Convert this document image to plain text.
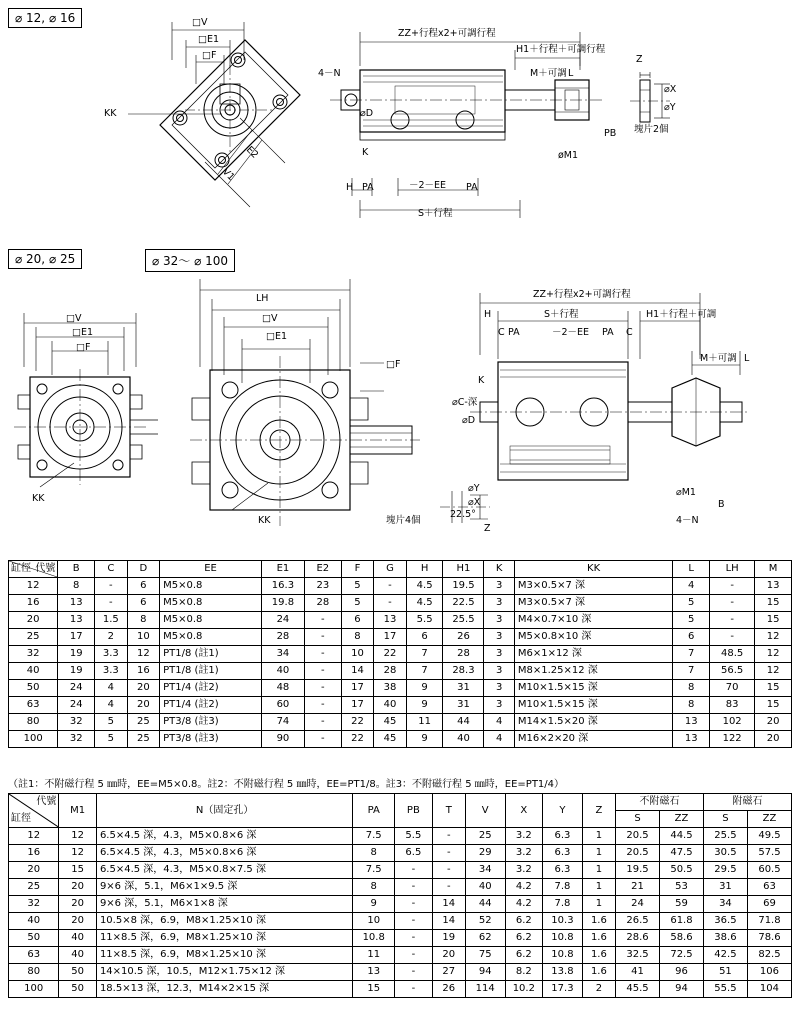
⌀ 12, ⌀ 16
⌀ 20, ⌀ 25	⌀ 32～ ⌀ 100
□V
□E1
□F
KK
E2
V1
ZZ+行程x2+可調行程
H1＋行程＋可調行程
4－N
⌀D
K
H PA	－2－EE PA
S＋行程
M＋可調 L
Z
⌀X
⌀Y
塊片2個
PB
øM1
□V
□E1
□F
KK
LH
□V
□E1
KK
□F
ZZ+行程x2+可調行程
H	S＋行程	H1＋行程＋可調
C PA	－2－EE PA C
M＋可調 L
K
⌀C-深
⌀D
⌀M1
B
4－N
塊片4個
⌀Y
⌀X
22.5°
Z
代號
缸徑	B	C	D	EE	E1	E2	F	G	H	H1	K	KK	L	LH	M
12	8	-	6	M5×0.8	16.3	23	5	-	4.5	19.5	3	M3×0.5×7 深	4	-	13
16	13	-	6	M5×0.8	19.8	28	5	-	4.5	22.5	3	M3×0.5×7 深	5	-	15
20	13	1.5	8	M5×0.8	24	-	6	13	5.5	25.5	3	M4×0.7×10 深	5	-	15
25	17	2	10	M5×0.8	28	-	8	17	6	26	3	M5×0.8×10 深	6	-	12
32	19	3.3	12	PT1/8 (註1)	34	-	10	22	7	28	3	M6×1×12 深	7	48.5	12
40	19	3.3	16	PT1/8 (註1)	40	-	14	28	7	28.3	3	M8×1.25×12 深	7	56.5	12
50	24	4	20	PT1/4 (註2)	48	-	17	38	9	31	3	M10×1.5×15 深	8	70	15
63	24	4	20	PT1/4 (註2)	60	-	17	40	9	31	3	M10×1.5×15 深	8	83	15
80	32	5	25	PT3/8 (註3)	74	-	22	45	11	44	4	M14×1.5×20 深	13	102	20
100	32	5	25	PT3/8 (註3)	90	-	22	45	9	40	4	M16×2×20 深	13	122	20
（註1：不附磁行程 5 ㎜時，EE=M5×0.8。註2：不附磁行程 5 ㎜時，EE=PT1/8。註3：不附磁行程 5 ㎜時，EE=PT1/4）
代號
缸徑	M1	N（固定孔）	PA	PB	T	V	X	Y	Z	不附磁石		附磁石	
										S	ZZ	S	ZZ
12	12	6.5×4.5 深，4.3，M5×0.8×6 深	7.5	5.5	-	25	3.2	6.3	1	20.5	44.5	25.5	49.5
16	12	6.5×4.5 深，4.3，M5×0.8×6 深	8	6.5	-	29	3.2	6.3	1	20.5	47.5	30.5	57.5
20	15	6.5×4.5 深，4.3，M5×0.8×7.5 深	7.5	-	-	34	3.2	6.3	1	19.5	50.5	29.5	60.5
25	20	9×6 深，5.1，M6×1×9.5 深	8	-	-	40	4.2	7.8	1	21	53	31	63
32	20	9×6 深，5.1，M6×1×8 深	9	-	14	44	4.2	7.8	1	24	59	34	69
40	20	10.5×8 深，6.9，M8×1.25×10 深	10	-	14	52	6.2	10.3	1.6	26.5	61.8	36.5	71.8
50	40	11×8.5 深，6.9，M8×1.25×10 深	10.8	-	19	62	6.2	10.8	1.6	28.6	58.6	38.6	78.6
63	40	11×8.5 深，6.9，M8×1.25×10 深	11	-	20	75	6.2	10.8	1.6	32.5	72.5	42.5	82.5
80	50	14×10.5 深，10.5，M12×1.75×12 深	13	-	27	94	8.2	13.8	1.6	41	96	51	106
100	50	18.5×13 深，12.3，M14×2×15 深	15	-	26	114	10.2	17.3	2	45.5	94	55.5	104
